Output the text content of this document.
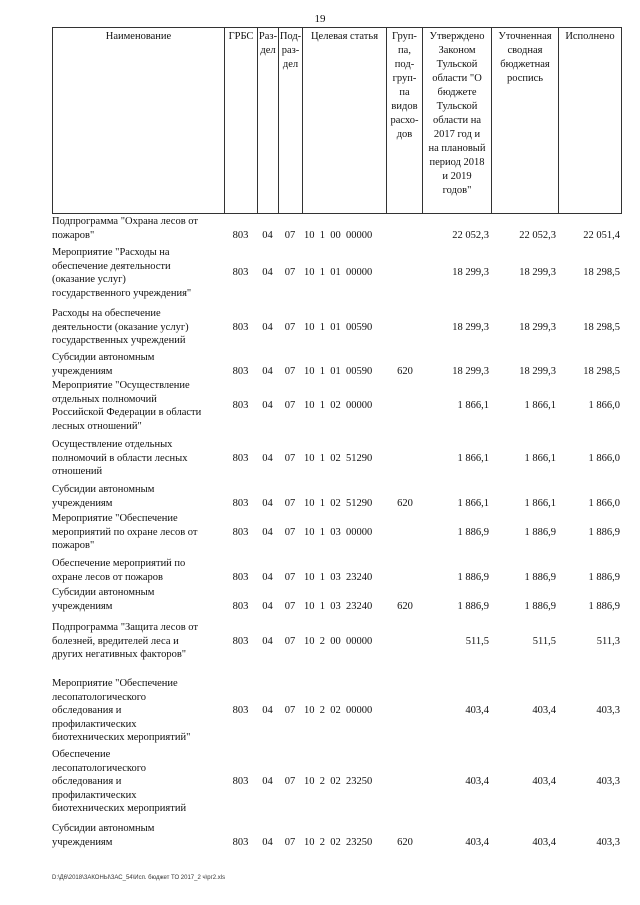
19
Наименование	ГРБС Раз-
дел
Под-
раз-
дел
Целевая статья	Груп-
па,
под-
груп-
па
видов
расхо-
дов
Утверждено
Законом
Тульской
области "О
бюджете
Тульской
области на
2017 год и
на плановый
период 2018
и 2019
годов"
Уточненная
сводная
бюджетная
роспись
Исполнено
Подпрограмма "Охрана лесов от
пожаров"	803	04	07 10  1  00  00000	22 052,3	22 052,3	22 051,4
Мероприятие "Расходы на
обеспечение деятельности
(оказание услуг)
государственного учреждения"
803	04	07 10  1  01  00000	18 299,3	18 299,3	18 298,5
Расходы на обеспечение
деятельности (оказание услуг)
государственных учреждений
803	04	07 10  1  01  00590	18 299,3	18 299,3	18 298,5
Субсидии автономным
учреждениям	803	04	07 10  1  01  00590	620	18 299,3	18 299,3	18 298,5
Мероприятие "Осуществление
отдельных полномочий
Российской Федерации в области
лесных отношений"
803	04	07 10  1  02  00000	1 866,1	1 866,1	1 866,0
Осуществление отдельных
полномочий в области лесных
отношений
803	04	07 10  1  02  51290	1 866,1	1 866,1	1 866,0
Субсидии автономным
учреждениям	803	04	07 10  1  02  51290	620	1 866,1	1 866,1	1 866,0
Мероприятие "Обеспечение
мероприятий по охране лесов от
пожаров"
803	04	07 10  1  03  00000	1 886,9	1 886,9	1 886,9
Обеспечение мероприятий по
охране лесов от пожаров	803	04	07 10  1  03  23240	1 886,9	1 886,9	1 886,9
Субсидии автономным
учреждениям	803	04	07 10  1  03  23240	620	1 886,9	1 886,9	1 886,9
Подпрограмма "Защита лесов от
болезней, вредителей леса и
других негативных факторов"
803	04	07 10  2  00  00000	511,5	511,5	511,3
Мероприятие "Обеспечение
лесопатологического
обследования и
профилактических
биотехнических мероприятий"
803	04	07 10  2  02  00000	403,4	403,4	403,3
Обеспечение
лесопатологического
обследования и
профилактических
биотехнических мероприятий
803	04	07 10  2  02  23250	403,4	403,4	403,3
Субсидии автономным
учреждениям	803	04	07 10  2  02  23250	620	403,4	403,4	403,3
D:\Д6\2018\ЗАКОНЫ\ЗАС_54\Исп. бюджет ТО 2017_2 ч\рг2.xls
